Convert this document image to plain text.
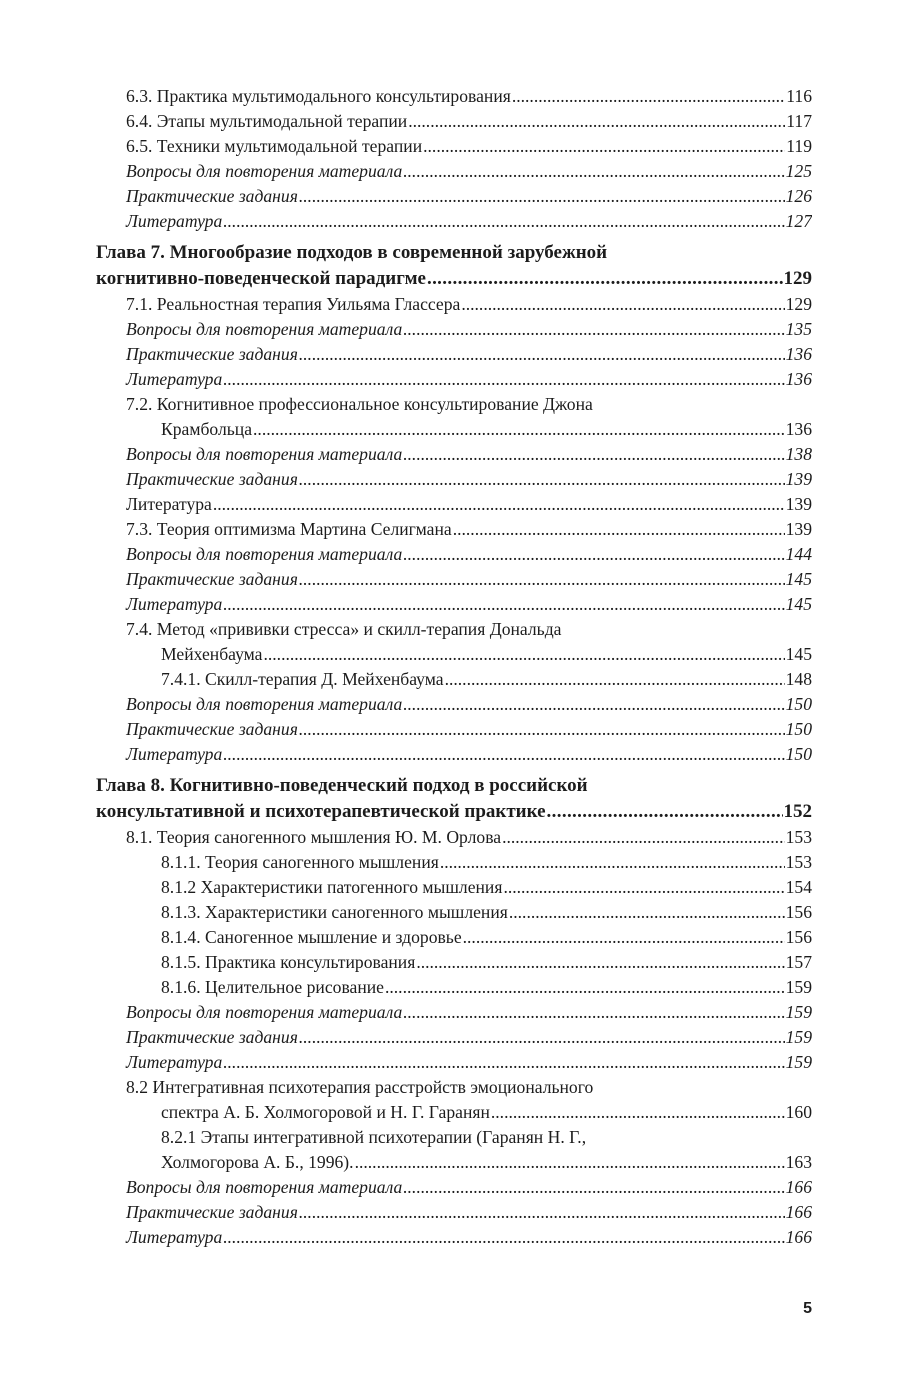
6.3. Практика мультимодального консультирования . . .	116
6.4. Этапы мультимодальной терапии . . .	117
6.5. Техники мультимодальной терапии . . .	119
Вопросы для повторения материала . . .	125
Практические задания . . .	126
Литература . . .	127
Глава 7. Многообразие подходов в современной зарубежной
когнитивно-поведенческой парадигме . . .	129
7.1. Реальностная терапия Уильяма Глассера . . .	129
Вопросы для повторения материала . . .	135
Практические задания . . .	136
Литература . . .	136
7.2. Когнитивное профессиональное консультирование Джона
Крамбольца . . .	136
Вопросы для повторения материала . . .	138
Практические задания . . .	139
Литература . . .	139
7.3. Теория оптимизма Мартина Селигмана . . .	139
Вопросы для повторения материала . . .	144
Практические задания . . .	145
Литература . . .	145
7.4. Метод «прививки стресса» и скилл-терапия Дональда
Мейхенбаума . . .	145
7.4.1. Скилл-терапия Д. Мейхенбаума . . .	148
Вопросы для повторения материала . . .	150
Практические задания . . .	150
Литература . . .	150
Глава 8. Когнитивно-поведенческий подход в российской
консультативной и психотерапевтической практике . . .	152
8.1. Теория саногенного мышления Ю. М. Орлова . . .	153
8.1.1. Теория саногенного мышления . . .	153
8.1.2 Характеристики патогенного мышления . . .	154
8.1.3. Характеристики саногенного мышления . . .	156
8.1.4. Саногенное мышление и здоровье . . .	156
8.1.5. Практика консультирования . . .	157
8.1.6. Целительное рисование . . .	159
Вопросы для повторения материала . . .	159
Практические задания . . .	159
Литература . . .	159
8.2 Интегративная психотерапия расстройств эмоционального
спектра А. Б. Холмогоровой и Н. Г. Гаранян . . .	160
8.2.1 Этапы интегративной психотерапии (Гаранян Н. Г.,
Холмогорова А. Б., 1996). . . .	163
Вопросы для повторения материала . . .	166
Практические задания . . .	166
Литература . . .	166
5
